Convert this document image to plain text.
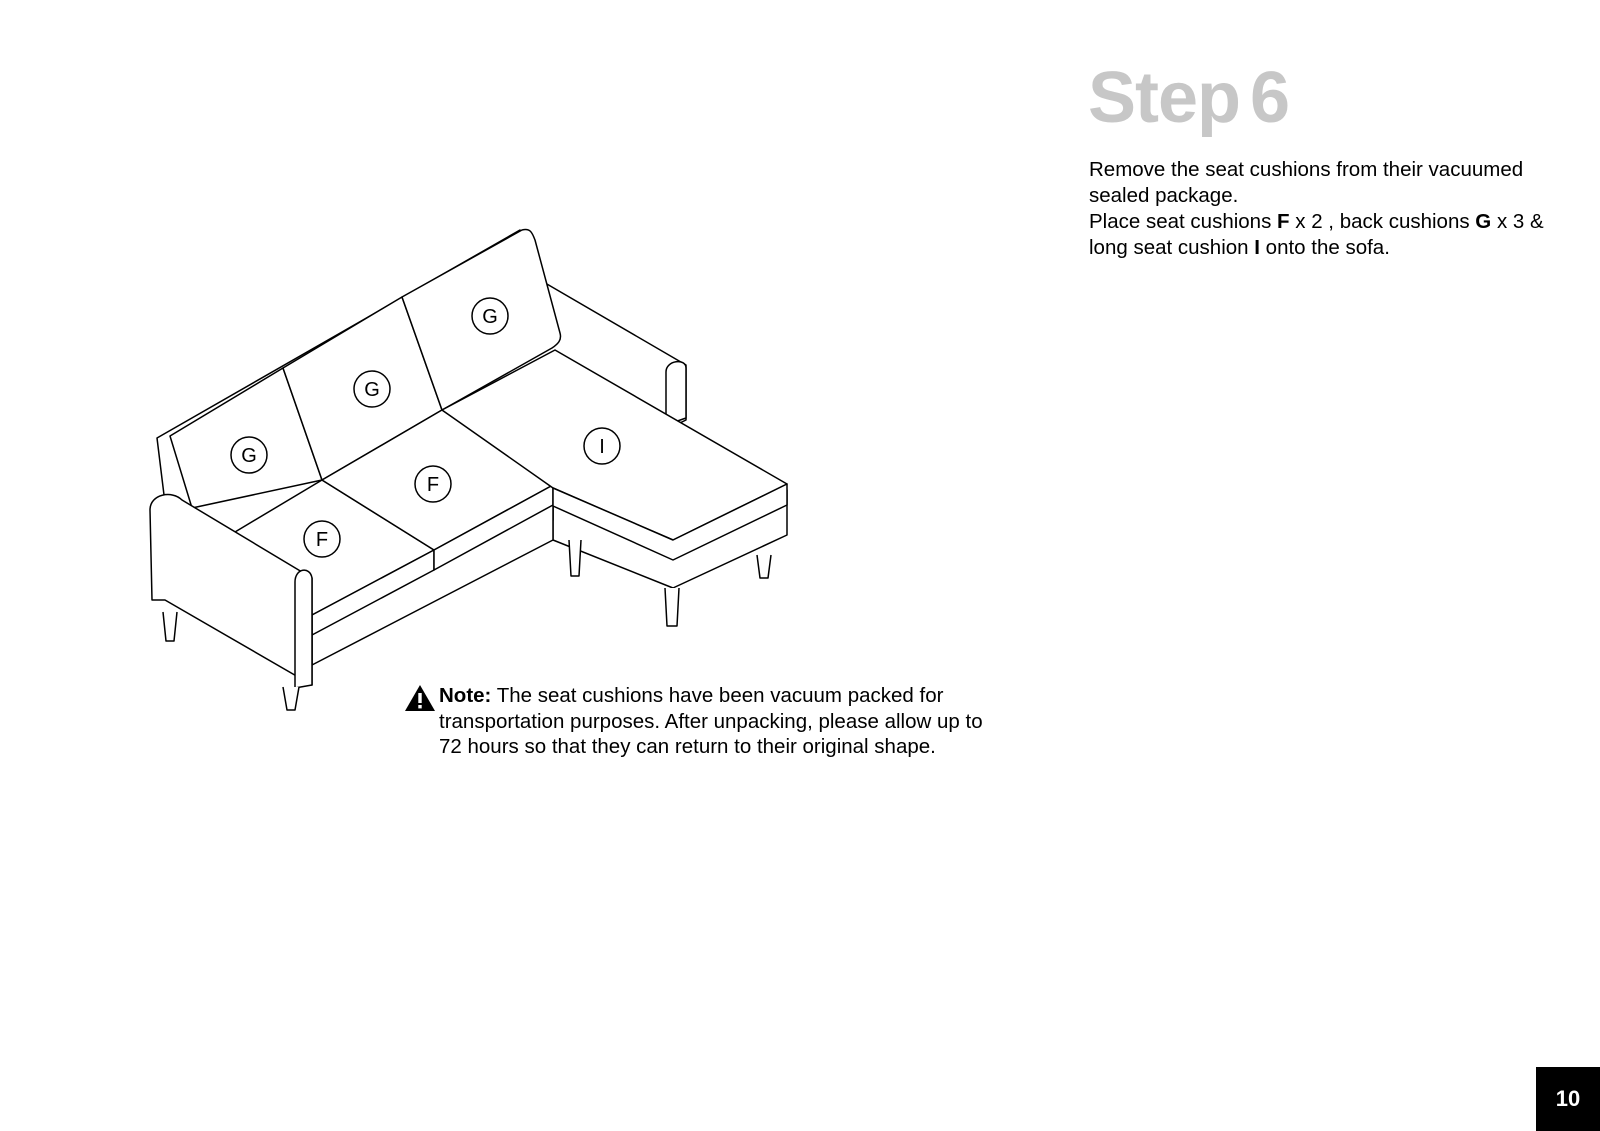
Step 6

Remove the seat cushions from their vacuumed sealed package.

Place seat cushions F x 2 , back cushions G x 3 & long seat cushion I onto the sofa.

G
G
G
F
F
I
Note: The seat cushions have been vacuum packed for transportation purposes. After unpacking, please allow up to 72 hours so that they can return to their original shape.
10
